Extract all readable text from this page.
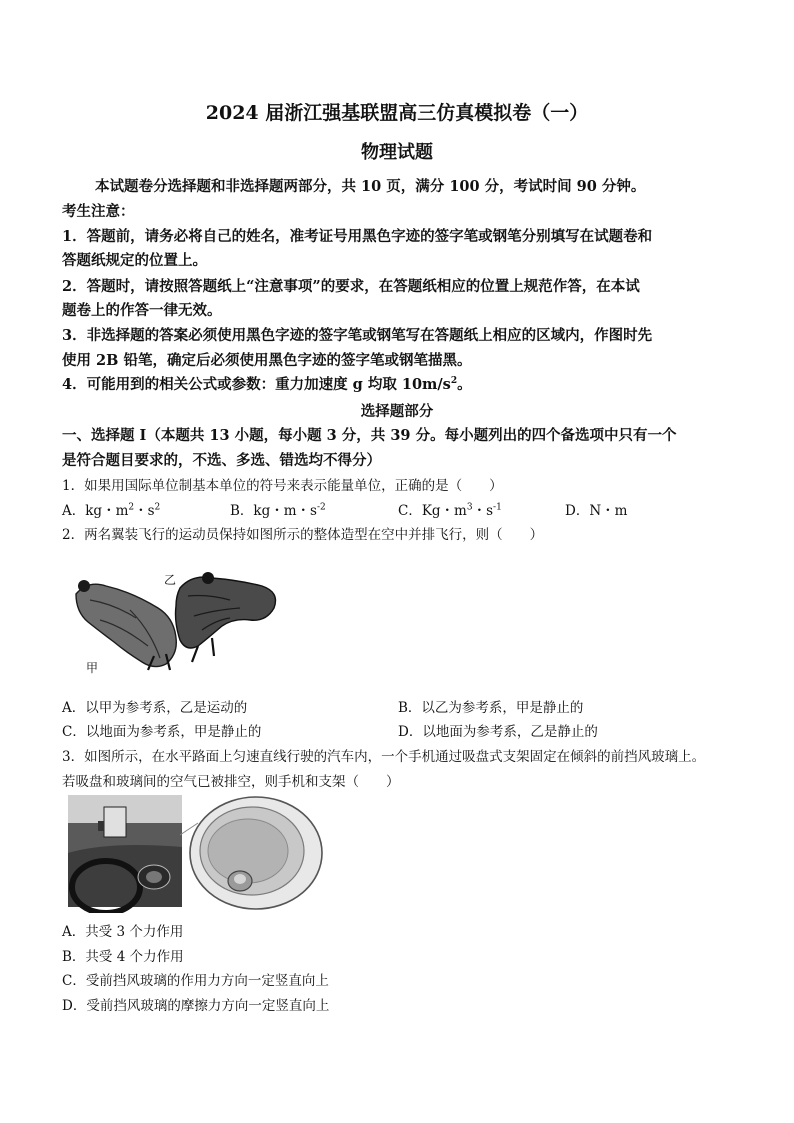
2024 届浙江强基联盟高三仿真模拟卷（一）
物理试题
本试题卷分选择题和非选择题两部分，共 10 页，满分 100 分，考试时间 90 分钟。
考生注意：
1．答题前，请务必将自己的姓名，准考证号用黑色字迹的签字笔或钢笔分别填写在试题卷和
答题纸规定的位置上。
2．答题时，请按照答题纸上“注意事项”的要求，在答题纸相应的位置上规范作答，在本试
题卷上的作答一律无效。
3．非选择题的答案必须使用黑色字迹的签字笔或钢笔写在答题纸上相应的区域内，作图时先
使用 2B 铅笔，确定后必须使用黑色字迹的签字笔或钢笔描黑。
4．可能用到的相关公式或参数：重力加速度 g 均取 $10m/s^2$。
选择题部分
一、选择题 I（本题共 13 小题，每小题 3 分，共 39 分。每小题列出的四个备选项中只有一个
是符合题目要求的，不选、多选、错选均不得分）
1．如果用国际单位制基本单位的符号来表示能量单位，正确的是（　　）
A．kg・$m^2$・$s^2$	B．kg・m・$s^{-2}$	C．Kg・$m^3$・$s^{-1}$	D．N・m
2．两名翼装飞行的运动员保持如图所示的整体造型在空中并排飞行，则（　　）
甲
乙
A．以甲为参考系，乙是运动的	B．以乙为参考系，甲是静止的
C．以地面为参考系，甲是静止的	D．以地面为参考系，乙是静止的
3．如图所示，在水平路面上匀速直线行驶的汽车内，一个手机通过吸盘式支架固定在倾斜的前挡风玻璃上。
若吸盘和玻璃间的空气已被排空，则手机和支架（　　）
A．共受 3 个力作用
B．共受 4 个力作用
C．受前挡风玻璃的作用力方向一定竖直向上
D．受前挡风玻璃的摩擦力方向一定竖直向上
